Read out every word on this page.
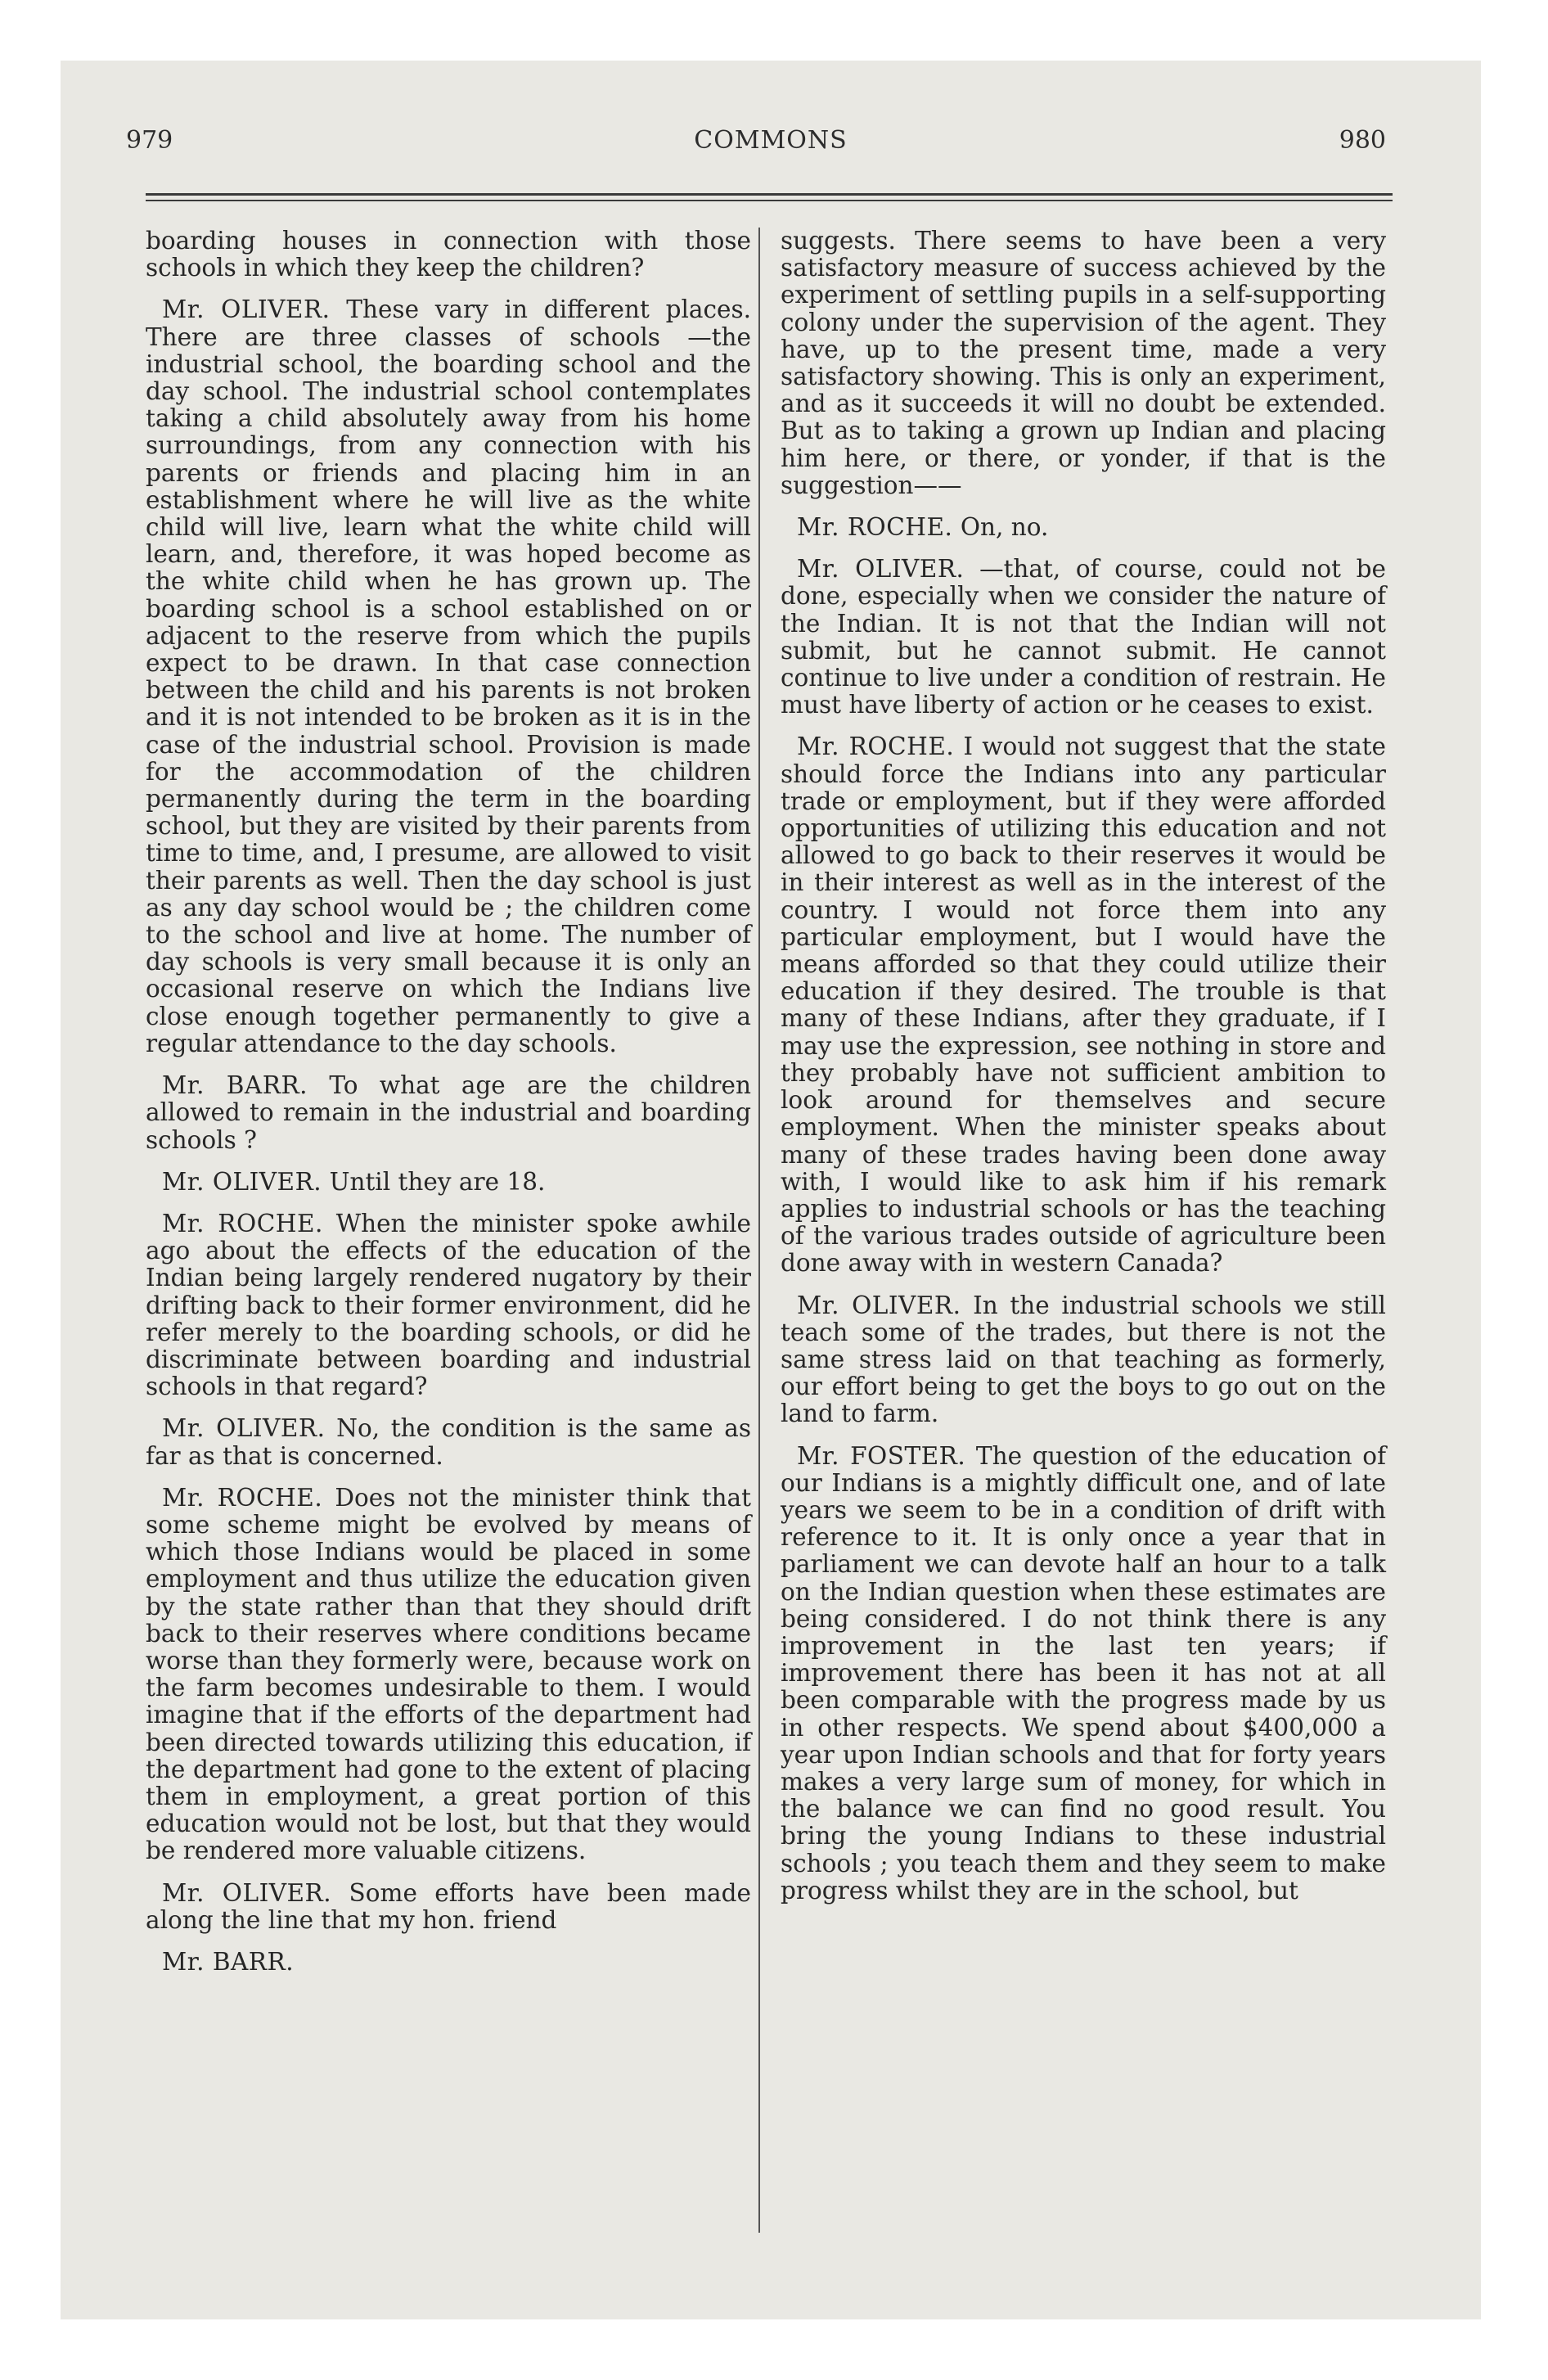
979	COMMONS	980

boarding houses in connection with those schools in which they keep the children?

Mr. OLIVER. These vary in different places. There are three classes of schools —the industrial school, the boarding school and the day school. The industrial school contemplates taking a child absolutely away from his home surroundings, from any connection with his parents or friends and placing him in an establishment where he will live as the white child will live, learn what the white child will learn, and, therefore, it was hoped become as the white child when he has grown up. The boarding school is a school established on or adjacent to the reserve from which the pupils expect to be drawn. In that case connection between the child and his parents is not broken and it is not intended to be broken as it is in the case of the industrial school. Provision is made for the accommodation of the children permanently during the term in the boarding school, but they are visited by their parents from time to time, and, I presume, are allowed to visit their parents as well. Then the day school is just as any day school would be ; the children come to the school and live at home. The number of day schools is very small because it is only an occasional reserve on which the Indians live close enough together permanently to give a regular attendance to the day schools.

Mr. BARR. To what age are the children allowed to remain in the industrial and boarding schools ?

Mr. OLIVER. Until they are 18.

Mr. ROCHE. When the minister spoke awhile ago about the effects of the education of the Indian being largely rendered nugatory by their drifting back to their former environment, did he refer merely to the boarding schools, or did he discriminate between boarding and industrial schools in that regard?

Mr. OLIVER. No, the condition is the same as far as that is concerned.

Mr. ROCHE. Does not the minister think that some scheme might be evolved by means of which those Indians would be placed in some employment and thus utilize the education given by the state rather than that they should drift back to their reserves where conditions became worse than they formerly were, because work on the farm becomes undesirable to them. I would imagine that if the efforts of the department had been directed towards utilizing this education, if the department had gone to the extent of placing them in employment, a great portion of this education would not be lost, but that they would be rendered more valuable citizens.

Mr. OLIVER. Some efforts have been made along the line that my hon. friend

Mr. BARR.

suggests. There seems to have been a very satisfactory measure of success achieved by the experiment of settling pupils in a self-supporting colony under the supervision of the agent. They have, up to the present time, made a very satisfactory showing. This is only an experiment, and as it succeeds it will no doubt be extended. But as to taking a grown up Indian and placing him here, or there, or yonder, if that is the suggestion——

Mr. ROCHE. On, no.

Mr. OLIVER. —that, of course, could not be done, especially when we consider the nature of the Indian. It is not that the Indian will not submit, but he cannot submit. He cannot continue to live under a condition of restrain. He must have liberty of action or he ceases to exist.

Mr. ROCHE. I would not suggest that the state should force the Indians into any particular trade or employment, but if they were afforded opportunities of utilizing this education and not allowed to go back to their reserves it would be in their interest as well as in the interest of the country. I would not force them into any particular employment, but I would have the means afforded so that they could utilize their education if they desired. The trouble is that many of these Indians, after they graduate, if I may use the expression, see nothing in store and they probably have not sufficient ambition to look around for themselves and secure employment. When the minister speaks about many of these trades having been done away with, I would like to ask him if his remark applies to industrial schools or has the teaching of the various trades outside of agriculture been done away with in western Canada?

Mr. OLIVER. In the industrial schools we still teach some of the trades, but there is not the same stress laid on that teaching as formerly, our effort being to get the boys to go out on the land to farm.

Mr. FOSTER. The question of the education of our Indians is a mightly difficult one, and of late years we seem to be in a condition of drift with reference to it. It is only once a year that in parliament we can devote half an hour to a talk on the Indian question when these estimates are being considered. I do not think there is any improvement in the last ten years; if improvement there has been it has not at all been comparable with the progress made by us in other respects. We spend about $400,000 a year upon Indian schools and that for forty years makes a very large sum of money, for which in the balance we can find no good result. You bring the young Indians to these industrial schools ; you teach them and they seem to make progress whilst they are in the school, but
